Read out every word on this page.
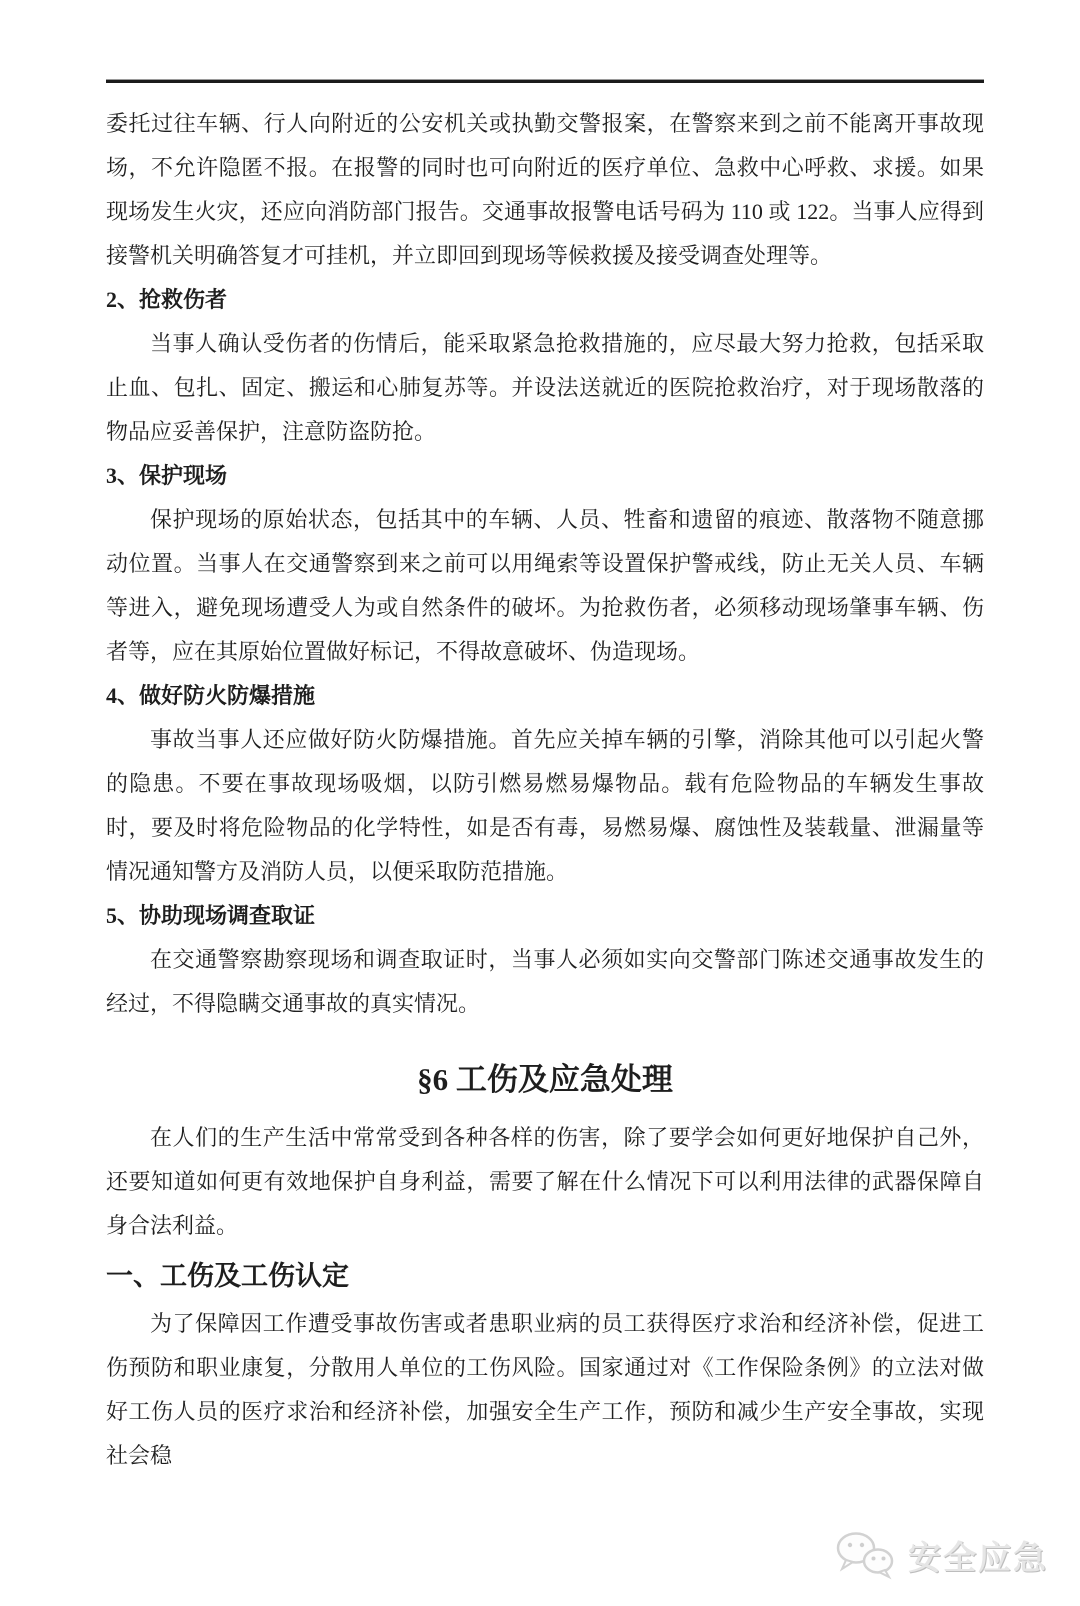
委托过往车辆、行人向附近的公安机关或执勤交警报案，在警察来到之前不能离开事故现场，不允许隐匿不报。在报警的同时也可向附近的医疗单位、急救中心呼救、求援。如果现场发生火灾，还应向消防部门报告。交通事故报警电话号码为 110 或 122。当事人应得到接警机关明确答复才可挂机，并立即回到现场等候救援及接受调查处理等。

2、抢救伤者

当事人确认受伤者的伤情后，能采取紧急抢救措施的，应尽最大努力抢救，包括采取止血、包扎、固定、搬运和心肺复苏等。并设法送就近的医院抢救治疗，对于现场散落的物品应妥善保护，注意防盗防抢。

3、保护现场

保护现场的原始状态，包括其中的车辆、人员、牲畜和遗留的痕迹、散落物不随意挪动位置。当事人在交通警察到来之前可以用绳索等设置保护警戒线，防止无关人员、车辆等进入，避免现场遭受人为或自然条件的破坏。为抢救伤者，必须移动现场肇事车辆、伤者等，应在其原始位置做好标记，不得故意破坏、伪造现场。

4、做好防火防爆措施

事故当事人还应做好防火防爆措施。首先应关掉车辆的引擎，消除其他可以引起火警的隐患。不要在事故现场吸烟，以防引燃易燃易爆物品。载有危险物品的车辆发生事故时，要及时将危险物品的化学特性，如是否有毒，易燃易爆、腐蚀性及装载量、泄漏量等情况通知警方及消防人员，以便采取防范措施。

5、协助现场调查取证

在交通警察勘察现场和调查取证时，当事人必须如实向交警部门陈述交通事故发生的经过，不得隐瞒交通事故的真实情况。

§6 工伤及应急处理

在人们的生产生活中常常受到各种各样的伤害，除了要学会如何更好地保护自己外，还要知道如何更有效地保护自身利益，需要了解在什么情况下可以利用法律的武器保障自身合法利益。

一、工伤及工伤认定

为了保障因工作遭受事故伤害或者患职业病的员工获得医疗求治和经济补偿，促进工伤预防和职业康复，分散用人单位的工伤风险。国家通过对《工作保险条例》的立法对做好工伤人员的医疗求治和经济补偿，加强安全生产工作，预防和减少生产安全事故，实现社会稳

安全应急
